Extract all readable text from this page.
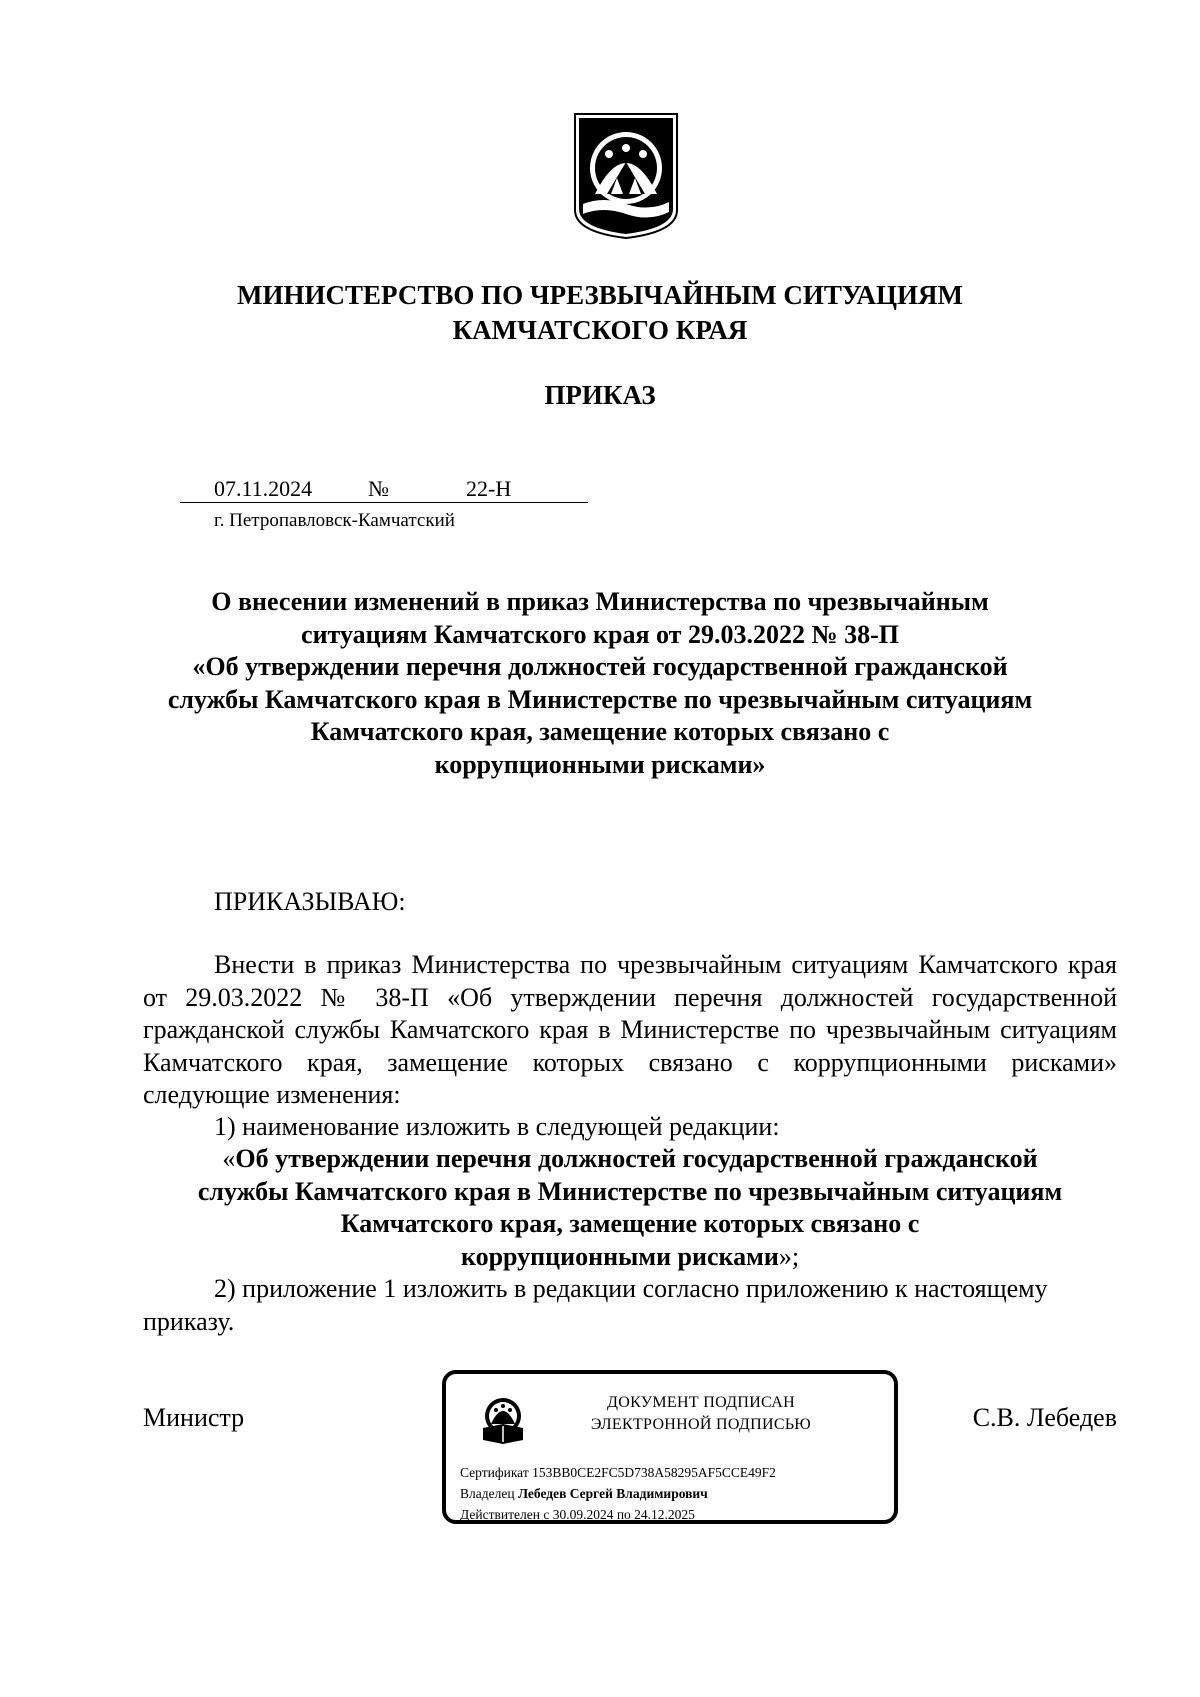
МИНИСТЕРСТВО ПО ЧРЕЗВЫЧАЙНЫМ СИТУАЦИЯМ
КАМЧАТСКОГО КРАЯ
ПРИКАЗ
07.11.2024	№	22-Н
г. Петропавловск-Камчатский
О внесении изменений в приказ Министерства по чрезвычайным
ситуациям Камчатского края от 29.03.2022 № 38-П
«Об утверждении перечня должностей государственной гражданской
службы Камчатского края в Министерстве по чрезвычайным ситуациям
Камчатского края, замещение которых связано с
коррупционными рисками»
ПРИКАЗЫВАЮ:
Внести в приказ Министерства по чрезвычайным ситуациям Камчатского края от 29.03.2022 № 38-П «Об утверждении перечня должностей государственной гражданской службы Камчатского края в Министерстве по чрезвычайным ситуациям Камчатского края, замещение которых связано с коррупционными рисками» следующие изменения:
1) наименование изложить в следующей редакции:
«Об утверждении перечня должностей государственной гражданской
службы Камчатского края в Министерстве по чрезвычайным ситуациям
Камчатского края, замещение которых связано с
коррупционными рисками»;
2) приложение 1 изложить в редакции согласно приложению к настоящему приказу.
Министр	С.В. Лебедев
ДОКУМЕНТ ПОДПИСАН
ЭЛЕКТРОННОЙ ПОДПИСЬЮ
Сертификат 153BB0CE2FC5D738A58295AF5CCE49F2
Владелец Лебедев Сергей Владимирович
Действителен с 30.09.2024 по 24.12.2025
